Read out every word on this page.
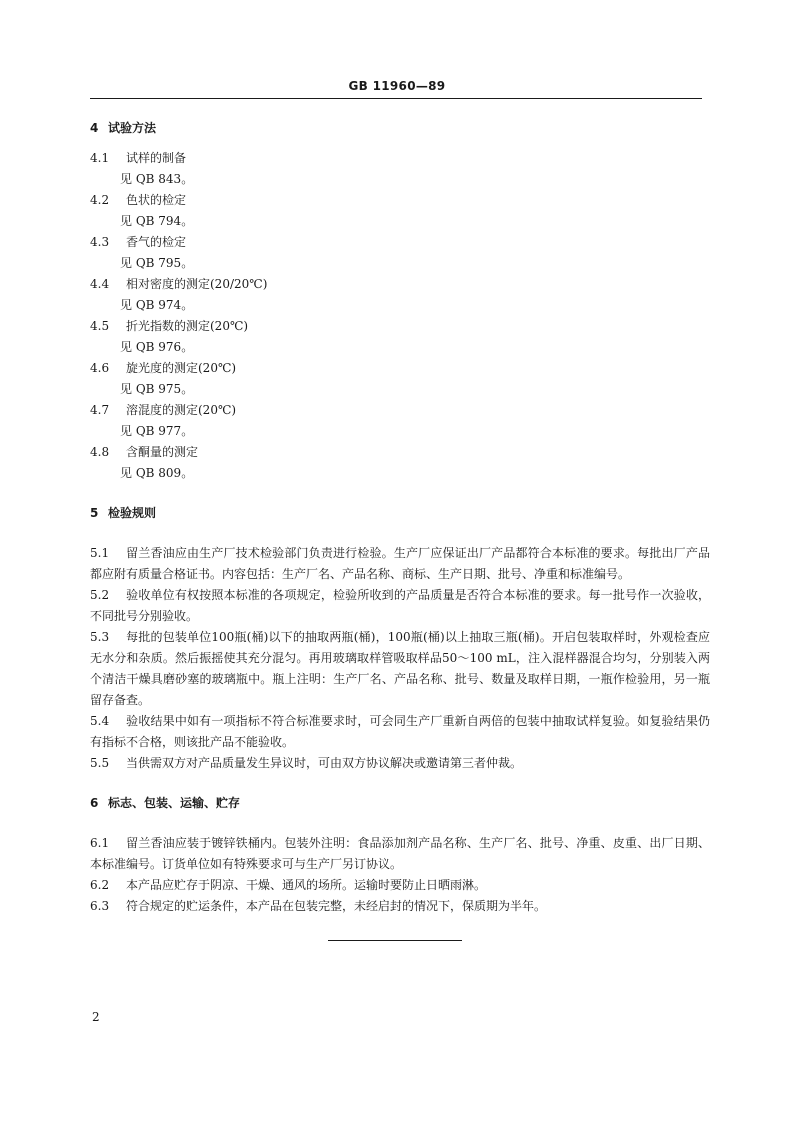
GB 11960—89
4 试验方法

4.1 试样的制备

见 QB 843。

4.2 色状的检定

见 QB 794。

4.3 香气的检定

见 QB 795。

4.4 相对密度的测定(20/20℃)

见 QB 974。

4.5 折光指数的测定(20℃)

见 QB 976。

4.6 旋光度的测定(20℃)

见 QB 975。

4.7 溶混度的测定(20℃)

见 QB 977。

4.8 含酮量的测定

见 QB 809。

5 检验规则

5.1 留兰香油应由生产厂技术检验部门负责进行检验。生产厂应保证出厂产品都符合本标准的要求。每批出厂产品都应附有质量合格证书。内容包括：生产厂名、产品名称、商标、生产日期、批号、净重和标准编号。

5.2 验收单位有权按照本标准的各项规定，检验所收到的产品质量是否符合本标准的要求。每一批号作一次验收，不同批号分别验收。

5.3 每批的包装单位100瓶(桶)以下的抽取两瓶(桶)，100瓶(桶)以上抽取三瓶(桶)。开启包装取样时，外观检查应无水分和杂质。然后振摇使其充分混匀。再用玻璃取样管吸取样品50～100 mL，注入混样器混合均匀，分别装入两个清洁干燥具磨砂塞的玻璃瓶中。瓶上注明：生产厂名、产品名称、批号、数量及取样日期，一瓶作检验用，另一瓶留存备查。

5.4 验收结果中如有一项指标不符合标准要求时，可会同生产厂重新自两倍的包装中抽取试样复验。如复验结果仍有指标不合格，则该批产品不能验收。

5.5 当供需双方对产品质量发生异议时，可由双方协议解决或邀请第三者仲裁。

6 标志、包装、运输、贮存

6.1 留兰香油应装于镀锌铁桶内。包装外注明：食品添加剂产品名称、生产厂名、批号、净重、皮重、出厂日期、本标准编号。订货单位如有特殊要求可与生产厂另订协议。

6.2 本产品应贮存于阴凉、干燥、通风的场所。运输时要防止日晒雨淋。

6.3 符合规定的贮运条件，本产品在包装完整，未经启封的情况下，保质期为半年。

2
